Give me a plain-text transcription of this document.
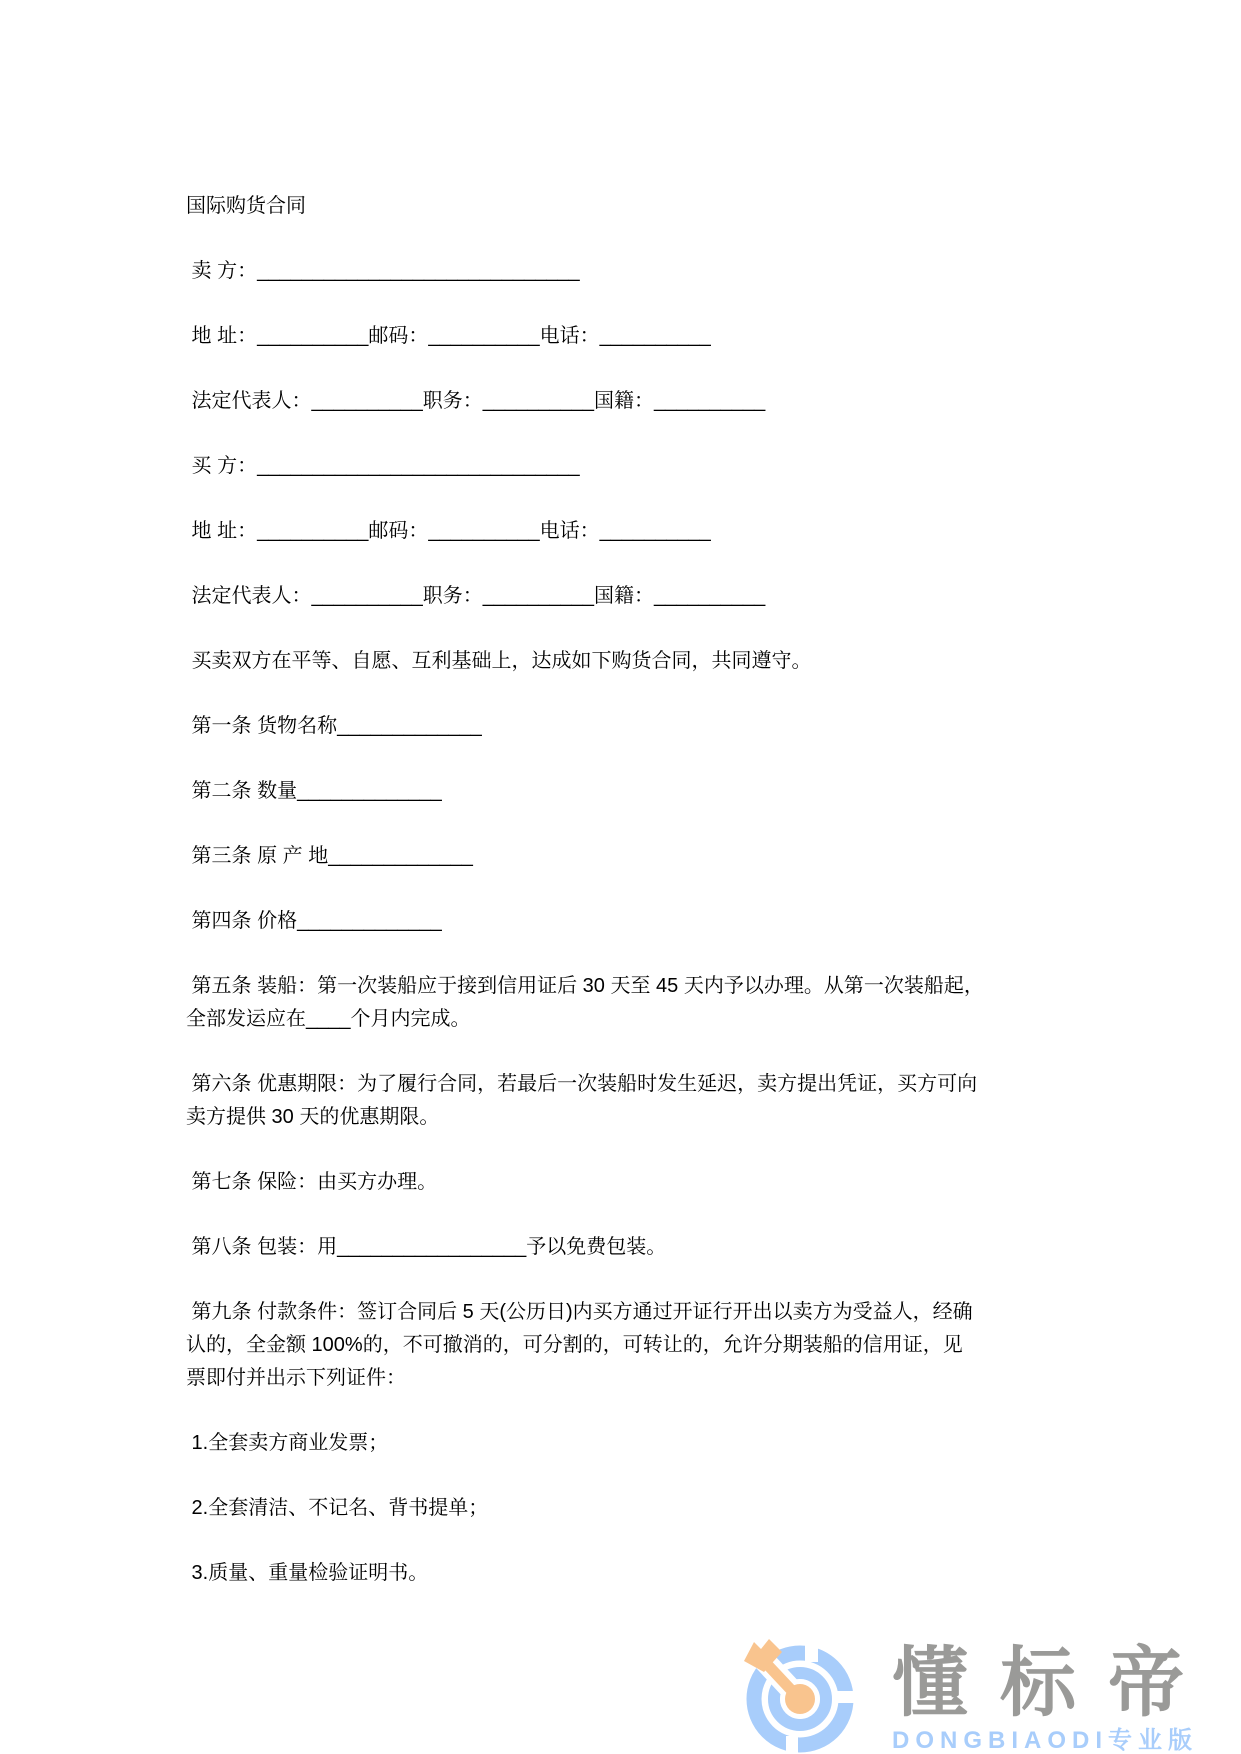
国际购货合同
卖 方：_____________________________
地 址：__________邮码：__________电话：__________
法定代表人：__________职务：__________国籍：__________
买 方：_____________________________
地 址：__________邮码：__________电话：__________
法定代表人：__________职务：__________国籍：__________
买卖双方在平等、自愿、互利基础上，达成如下购货合同，共同遵守。
第一条 货物名称_____________
第二条 数量_____________
第三条 原 产 地_____________
第四条 价格_____________
第五条 装船：第一次装船应于接到信用证后 30 天至 45 天内予以办理。从第一次装船起，
全部发运应在____个月内完成。
第六条 优惠期限：为了履行合同，若最后一次装船时发生延迟，卖方提出凭证，买方可向
卖方提供 30 天的优惠期限。
第七条 保险：由买方办理。
第八条 包装：用_________________予以免费包装。
第九条 付款条件：签订合同后 5 天(公历日)内买方通过开证行开出以卖方为受益人，经确
认的，全金额 100%的，不可撤消的，可分割的，可转让的，允许分期装船的信用证，见
票即付并出示下列证件：
1.全套卖方商业发票；
2.全套清洁、不记名、背书提单；
3.质量、重量检验证明书。
懂标帝
DONGBIAODI专业版
